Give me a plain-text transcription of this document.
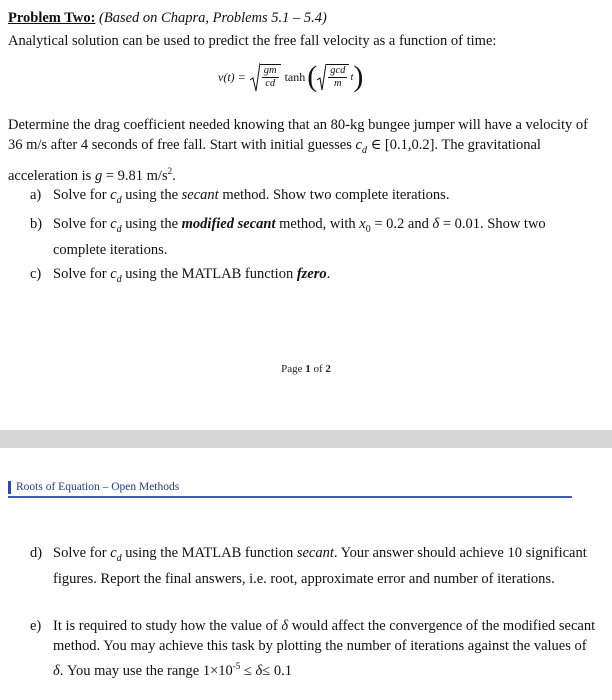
Problem Two: (Based on Chapra, Problems 5.1 – 5.4)
Analytical solution can be used to predict the free fall velocity as a function of time:
$v(t) = \frac{gm}{cd}$ tanh ( $\frac{\gcd}{m}$ t )
Determine the drag coefficient needed knowing that an 80-kg bungee jumper will have a velocity of 36 m/s after 4 seconds of free fall. Start with initial guesses $c_d$ ∈ [0.1,0.2]. The gravitational acceleration is g = 9.81 $m/s^2$.
a) Solve for $c_d$ using the secant method. Show two complete iterations.
b) Solve for $c_d$ using the modified secant method, with $x_0 = 0.2$ and δ = 0.01. Show two complete iterations.
c) Solve for $c_d$ using the MATLAB function fzero.
Page 1 of 2
Roots of Equation – Open Methods
d) Solve for $c_d$ using the MATLAB function secant. Your answer should achieve 10 significant figures. Report the final answers, i.e. root, approximate error and number of iterations.
e) It is required to study how the value of δ would affect the convergence of the modified secant method. You may achieve this task by plotting the number of iterations against the values of δ. You may use the range $1\times 10^{-5} \le \delta\le 0.1$
